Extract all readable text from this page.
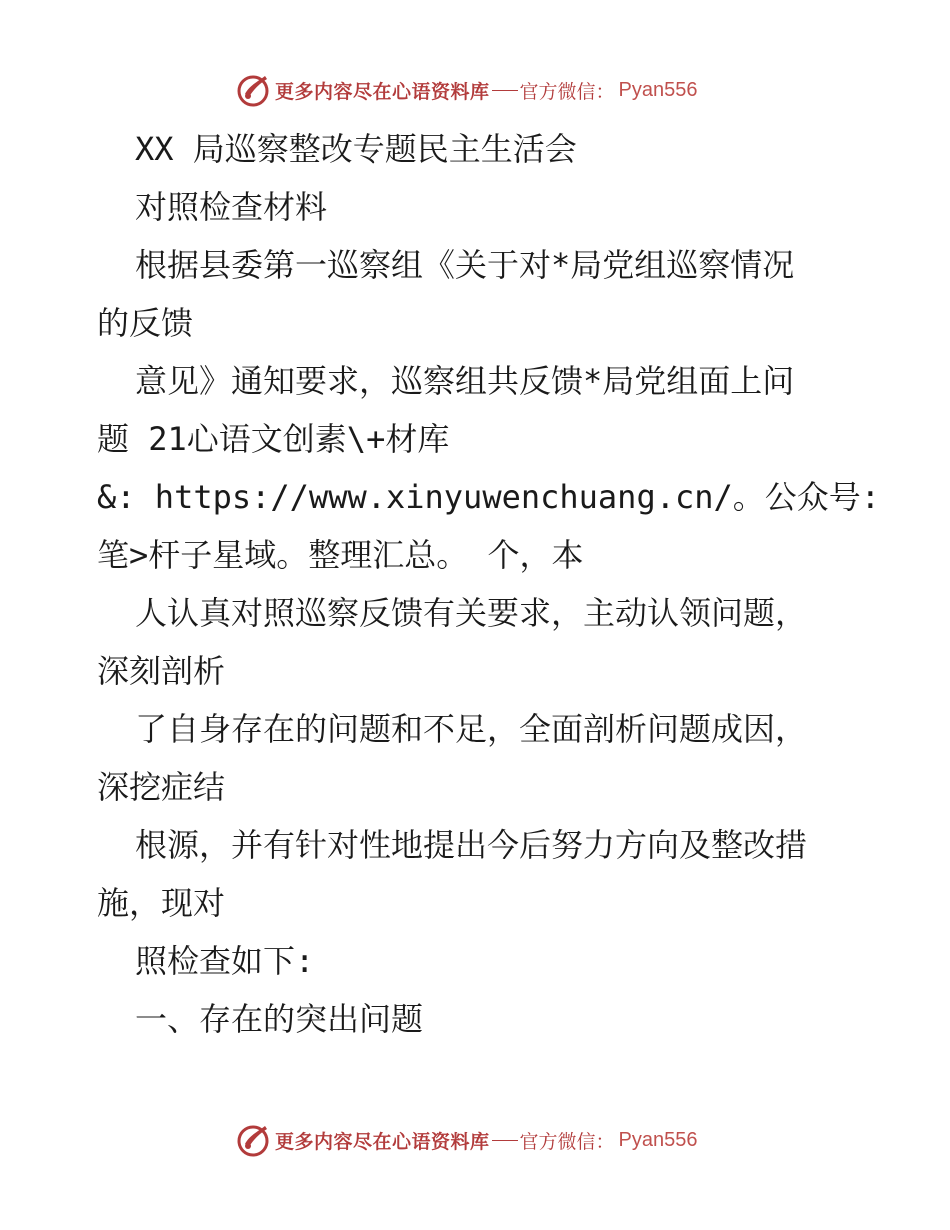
更多内容尽在心语资料库 官方微信： Pyan556
XX 局巡察整改专题民主生活会
对照检查材料
根据县委第一巡察组《关于对*局党组巡察情况
的反馈
意见》通知要求，巡察组共反馈*局党组面上问
题 21心语文创素\+材库
&: https://www.xinyuwenchuang.cn/。公众号:
笔>杆子星域。整理汇总。 个，本
人认真对照巡察反馈有关要求，主动认领问题，
深刻剖析
了自身存在的问题和不足，全面剖析问题成因，
深挖症结
根源，并有针对性地提出今后努力方向及整改措
施，现对
照检查如下:
一、存在的突出问题
更多内容尽在心语资料库 官方微信： Pyan556
